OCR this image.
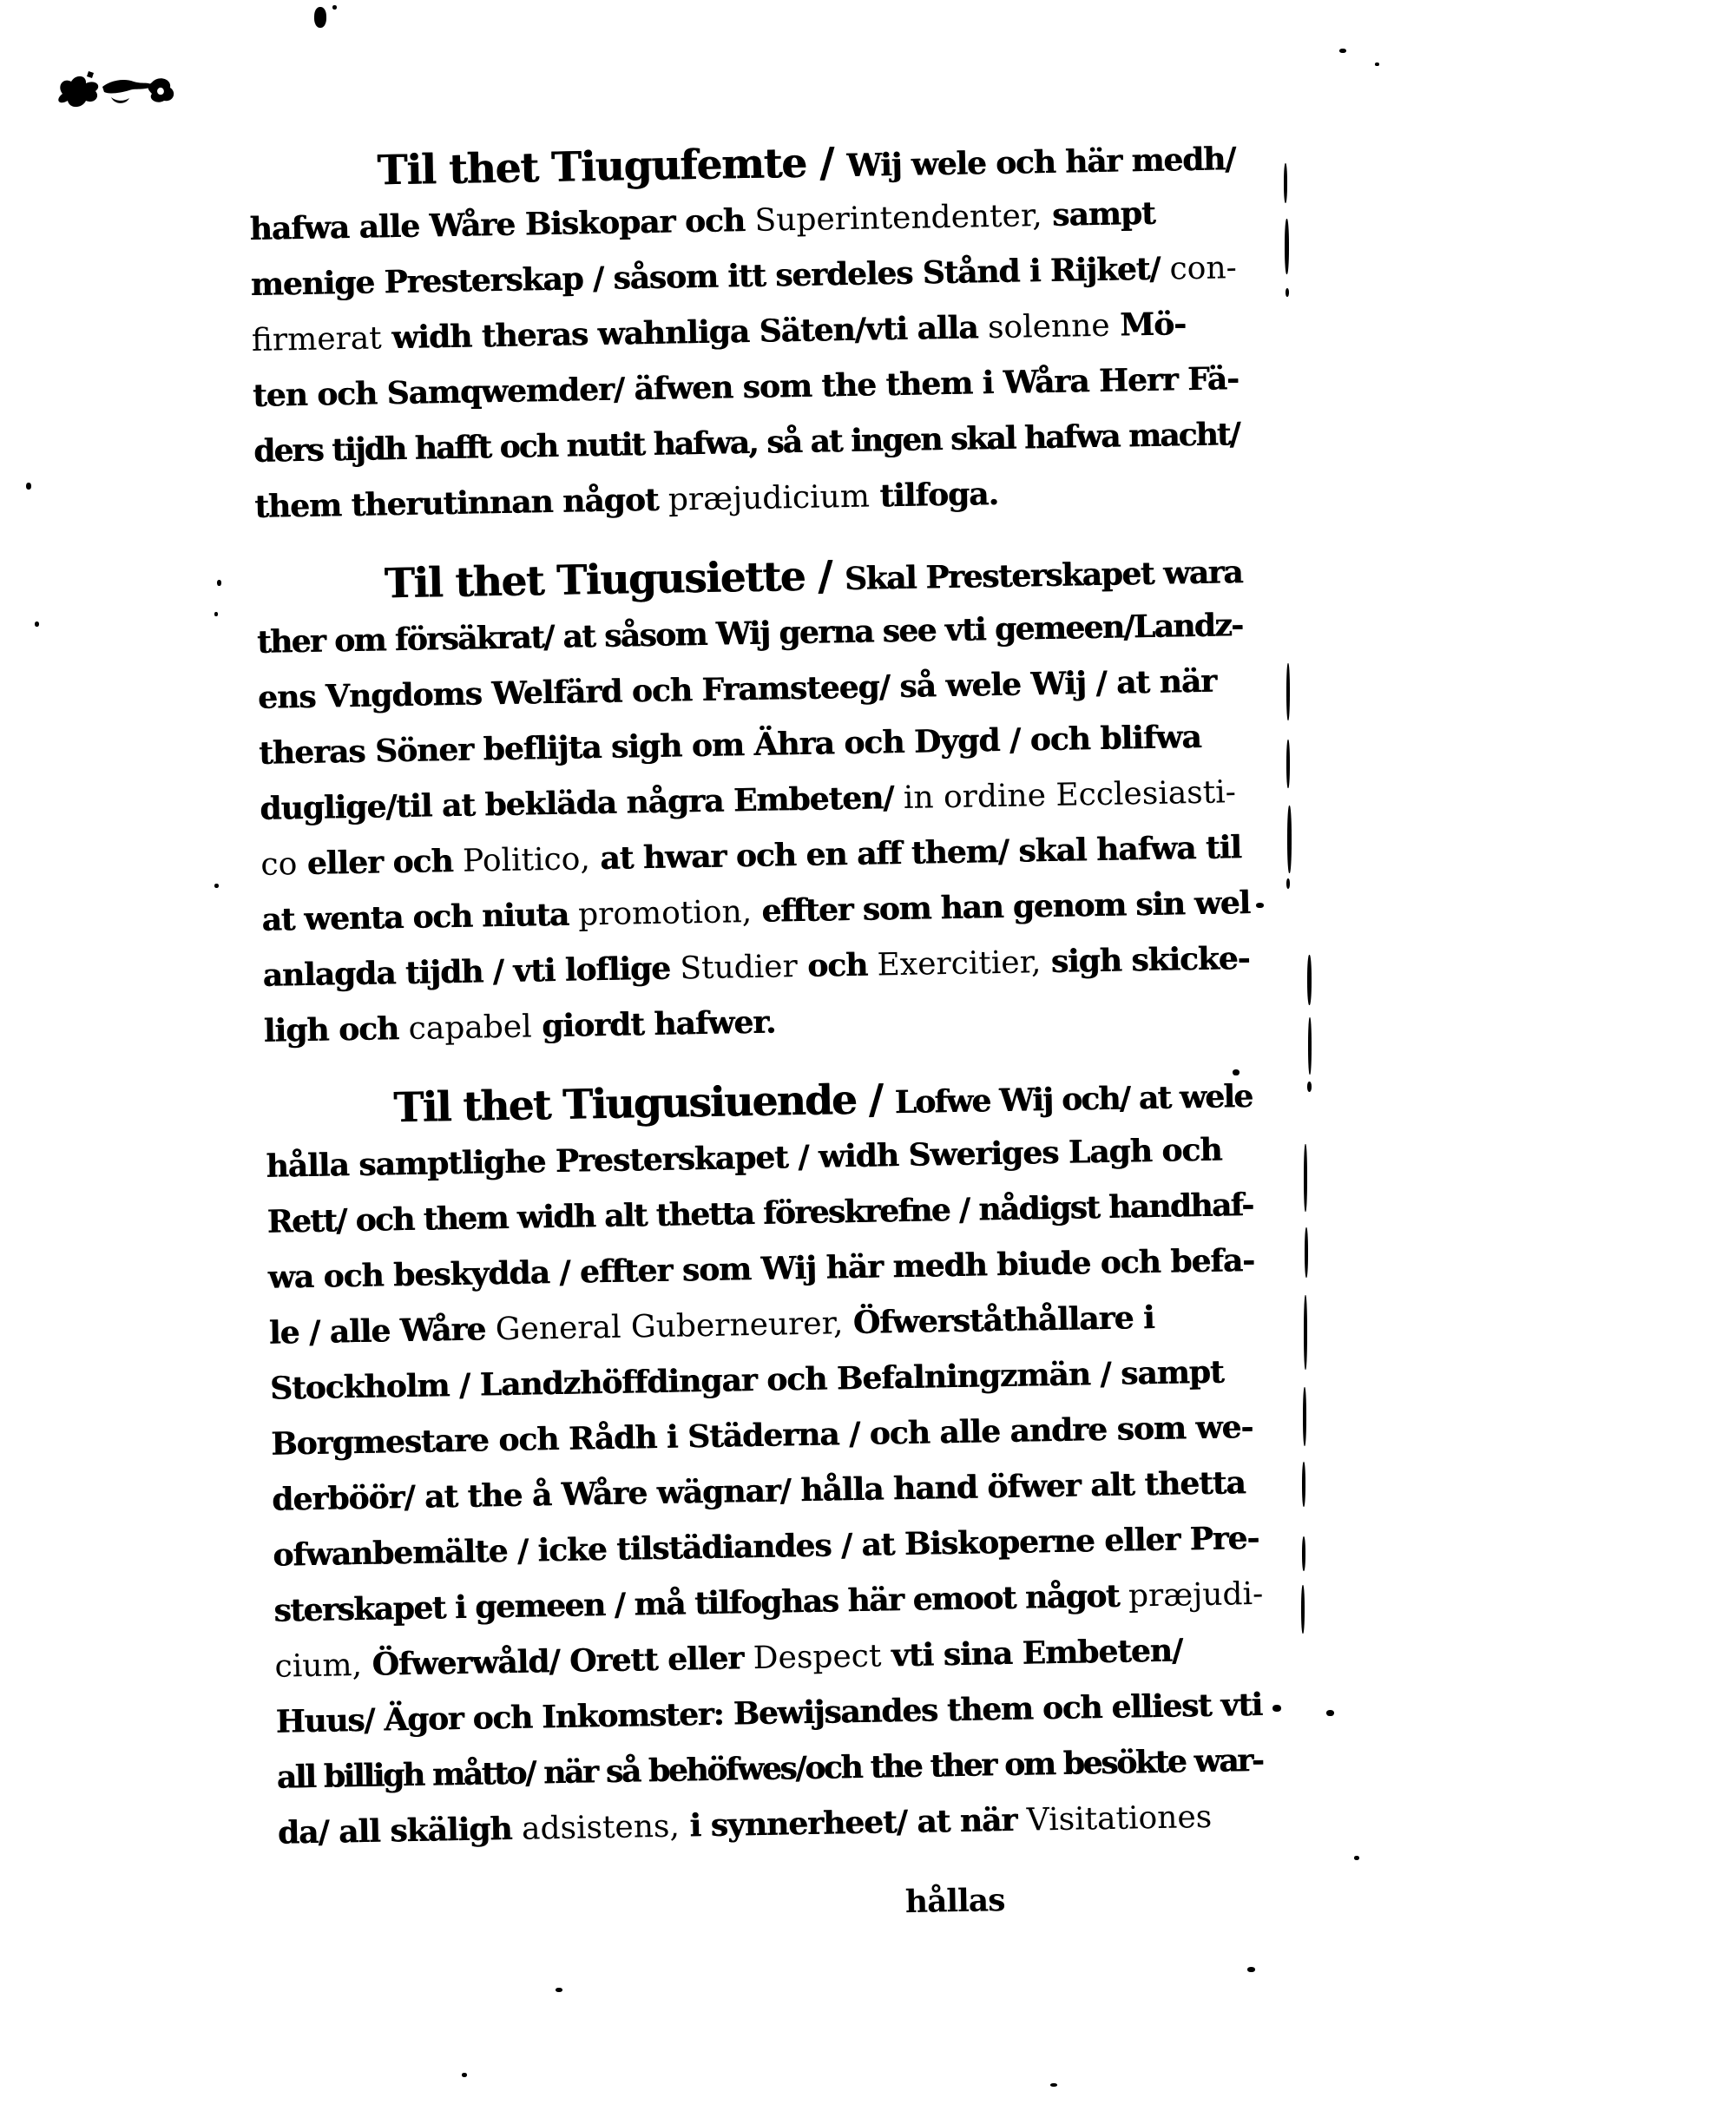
Til thet Tiugufemte / Wij wele och här medh/
hafwa alle Wåre Biskopar och Superintendenter, sampt
menige Presterskap / såsom itt serdeles Stånd i Rijket/ con-
firmerat widh theras wahnliga Säten/vti alla solenne Mö-
ten och Samqwemder/ äfwen som the them i Wåra Herr Fä-
ders tijdh hafft och nutit hafwa, så at ingen skal hafwa macht/
them therutinnan något præjudicium tilfoga.
Til thet Tiugusiette / Skal Presterskapet wara
ther om försäkrat/ at såsom Wij gerna see vti gemeen/Landz-
ens Vngdoms Welfärd och Framsteeg/ så wele Wij / at när
theras Söner beflijta sigh om Ähra och Dygd / och blifwa
duglige/til at bekläda några Embeten/ in ordine Ecclesiasti-
co eller och Politico, at hwar och en aff them/ skal hafwa til
at wenta och niuta promotion, effter som han genom sin wel
anlagda tijdh / vti loflige Studier och Exercitier, sigh skicke-
ligh och capabel giordt hafwer.
Til thet Tiugusiuende / Lofwe Wij och/ at wele
hålla samptlighe Presterskapet / widh Sweriges Lagh och
Rett/ och them widh alt thetta föreskrefne / nådigst handhaf-
wa och beskydda / effter som Wij här medh biude och befa-
le / alle Wåre General Guberneurer, Öfwerståthållare i
Stockholm / Landzhöffdingar och Befalningzmän / sampt
Borgmestare och Rådh i Städerna / och alle andre som we-
derböör/ at the å Wåre wägnar/ hålla hand öfwer alt thetta
ofwanbemälte / icke tilstädiandes / at Biskoperne eller Pre-
sterskapet i gemeen / må tilfoghas här emoot något præjudi-
cium, Öfwerwåld/ Orett eller Despect vti sina Embeten/
Huus/ Ägor och Inkomster: Bewijsandes them och elliest vti
all billigh måtto/ när så behöfwes/och the ther om besökte war-
da/ all skäligh adsistens, i synnerheet/ at när Visitationes
hållas
